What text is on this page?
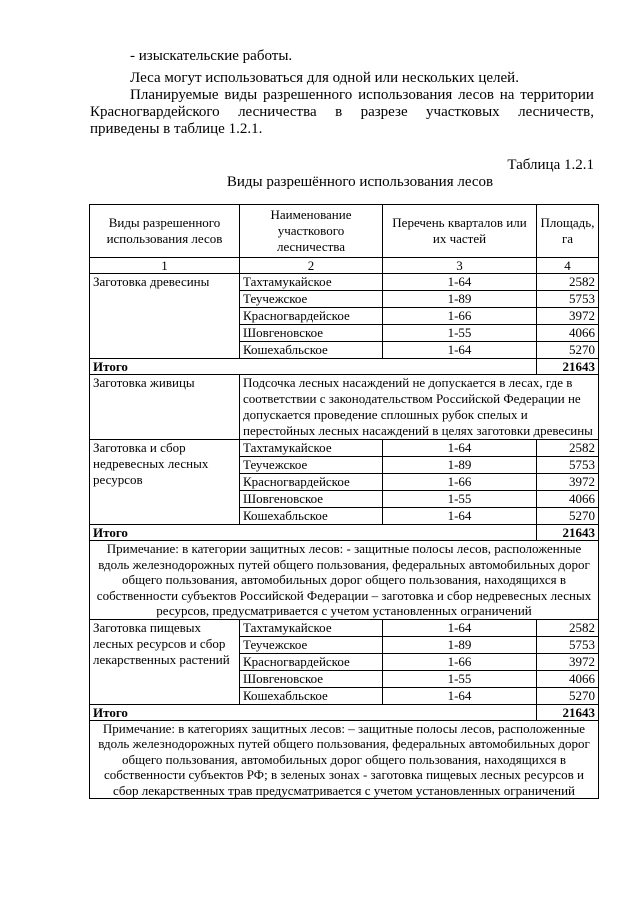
- изыскательские работы.
Леса могут использоваться для одной или нескольких целей.
Планируемые виды разрешенного использования лесов на территории
Красногвардейского лесничества в разрезе участковых лесничеств,
приведены в таблице 1.2.1.
Таблица 1.2.1
Виды разрешённого использования лесов
Виды разрешенного использования лесов	Наименование участкового лесничества	Перечень кварталов или их частей	Площадь, га
1	2	3	4
Заготовка древесины	Тахтамукайское	1-64	2582
	Теучежское	1-89	5753
	Красногвардейское	1-66	3972
	Шовгеновское	1-55	4066
	Кошехабльское	1-64	5270
Итого			21643
Заготовка живицы	Подсочка лесных насаждений не допускается в лесах, где в соответствии с законодательством Российской Федерации не допускается проведение сплошных рубок спелых и перестойных лесных насаждений в целях заготовки древесины		
Заготовка и сбор недревесных лесных ресурсов	Тахтамукайское	1-64	2582
	Теучежское	1-89	5753
	Красногвардейское	1-66	3972
	Шовгеновское	1-55	4066
	Кошехабльское	1-64	5270
Итого			21643
Примечание: в категории защитных лесов: - защитные полосы лесов, расположенные вдоль железнодорожных путей общего пользования, федеральных автомобильных дорог общего пользования, автомобильных дорог общего пользования, находящихся в собственности субъектов Российской Федерации – заготовка и сбор недревесных лесных ресурсов, предусматривается с учетом установленных ограничений			
Заготовка пищевых лесных ресурсов и сбор лекарственных растений	Тахтамукайское	1-64	2582
	Теучежское	1-89	5753
	Красногвардейское	1-66	3972
	Шовгеновское	1-55	4066
	Кошехабльское	1-64	5270
Итого			21643
Примечание: в категориях защитных лесов: – защитные полосы лесов, расположенные вдоль железнодорожных путей общего пользования, федеральных автомобильных дорог общего пользования, автомобильных дорог общего пользования, находящихся в собственности субъектов РФ; в зеленых зонах - заготовка пищевых лесных ресурсов и сбор лекарственных трав предусматривается с учетом установленных ограничений			
